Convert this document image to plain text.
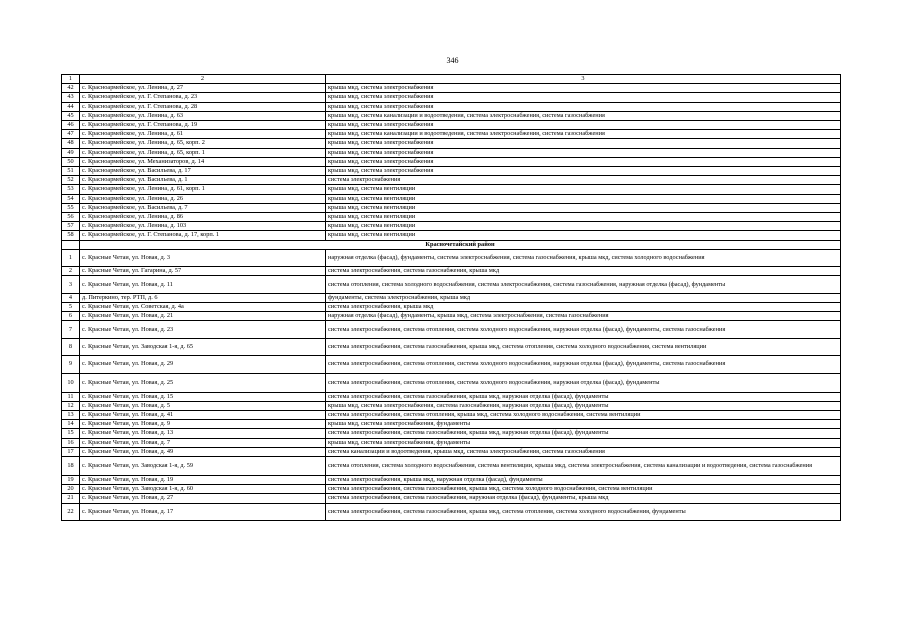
346
1	2	3
42	с. Красноармейское, ул. Ленина, д. 27	крыша мкд, система электроснабжения
43	с. Красноармейское, ул. Г. Степанова, д. 23	крыша мкд, система электроснабжения
44	с. Красноармейское, ул. Г. Степанова, д. 28	крыша мкд, система электроснабжения
45	с. Красноармейское, ул. Ленина, д. 63	крыша мкд, система канализации и водоотведения, система электроснабжения, система газоснабжения
46	с. Красноармейское, ул. Г. Степанова, д. 19	крыша мкд, система электроснабжения
47	с. Красноармейское, ул. Ленина, д. 61	крыша мкд, система канализации и водоотведения, система электроснабжения, система газоснабжения
48	с. Красноармейское, ул. Ленина, д. 65, корп. 2	крыша мкд, система электроснабжения
49	с. Красноармейское, ул. Ленина, д. 65, корп. 1	крыша мкд, система электроснабжения
50	с. Красноармейское, ул. Механизаторов, д. 14	крыша мкд, система электроснабжения
51	с. Красноармейское, ул. Васильева, д. 17	крыша мкд, система электроснабжения
52	с. Красноармейское, ул. Васильева, д. 1	система электроснабжения
53	с. Красноармейское, ул. Ленина, д. 61, корп. 1	крыша мкд, система вентиляции
54	с. Красноармейское, ул. Ленина, д. 26	крыша мкд, система вентиляции
55	с. Красноармейское, ул. Васильева, д. 7	крыша мкд, система вентиляции
56	с. Красноармейское, ул. Ленина, д. 86	крыша мкд, система вентиляции
57	с. Красноармейское, ул. Ленина, д. 103	крыша мкд, система вентиляции
58	с. Красноармейское, ул. Г. Степанова, д. 17, корп. 1	крыша мкд, система вентиляции
	Красночетайский район	
1	с. Красные Четаи, ул. Новая, д. 3	наружная отделка (фасад), фундаменты, система электроснабжения, система газоснабжения, крыша мкд, система холодного водоснабжения
2	с. Красные Четаи, ул. Гагарина, д. 57	система электроснабжения, система газоснабжения, крыша мкд
3	с. Красные Четаи, ул. Новая, д. 11	система отопления, система холодного водоснабжения, система электроснабжения, система газоснабжения, наружная отделка (фасад), фундаменты
4	д. Питеркино, тер. РТП, д. 6	фундаменты, система электроснабжения, крыша мкд
5	с. Красные Четаи, ул. Советская, д. 4а	система электроснабжения, крыша мкд
6	с. Красные Четаи, ул. Новая, д. 21	наружная отделка (фасад), фундаменты, крыша мкд, система электроснабжения, система газоснабжения
7	с. Красные Четаи, ул. Новая, д. 23	система электроснабжения, система отопления, система холодного водоснабжения, наружная отделка (фасад), фундаменты, система газоснабжения
8	с. Красные Четаи, ул. Заводская 1-я, д. 65	система электроснабжения, система газоснабжения, крыша мкд, система отопления, система холодного водоснабжения, система вентиляции
9	с. Красные Четаи, ул. Новая, д. 29	система электроснабжения, система отопления, система холодного водоснабжения, наружная отделка (фасад), фундаменты, система газоснабжения
10	с. Красные Четаи, ул. Новая, д. 25	система электроснабжения, система отопления, система холодного водоснабжения, наружная отделка (фасад), фундаменты
11	с. Красные Четаи, ул. Новая, д. 15	система электроснабжения, система газоснабжения, крыша мкд, наружная отделка (фасад), фундаменты
12	с. Красные Четаи, ул. Новая, д. 5	крыша мкд, система электроснабжения, система газоснабжения, наружная отделка (фасад), фундаменты
13	с. Красные Четаи, ул. Новая, д. 41	система электроснабжения, система отопления, крыша мкд, система холодного водоснабжения, система вентиляции
14	с. Красные Четаи, ул. Новая, д. 9	крыша мкд, система электроснабжения, фундаменты
15	с. Красные Четаи, ул. Новая, д. 13	система электроснабжения, система газоснабжения, крыша мкд, наружная отделка (фасад), фундаменты
16	с. Красные Четаи, ул. Новая, д. 7	крыша мкд, система электроснабжения, фундаменты
17	с. Красные Четаи, ул. Новая, д. 49	система канализации и водоотведения, крыша мкд, система электроснабжения, система газоснабжения
18	с. Красные Четаи, ул. Заводская 1-я, д. 59	система отопления, система холодного водоснабжения, система вентиляции, крыша мкд, система электроснабжения, система канализации и водоотведения, система газоснабжения
19	с. Красные Четаи, ул. Новая, д. 19	система электроснабжения, крыша мкд, наружная отделка (фасад), фундаменты
20	с. Красные Четаи, ул. Заводская 1-я, д. 60	система электроснабжения, система газоснабжения, крыша мкд, система холодного водоснабжения, система вентиляции
21	с. Красные Четаи, ул. Новая, д. 27	система электроснабжения, система газоснабжения, наружная отделка (фасад), фундаменты, крыша мкд
22	с. Красные Четаи, ул. Новая, д. 17	система электроснабжения, система газоснабжения, крыша мкд, система отопления, система холодного водоснабжения, фундаменты
